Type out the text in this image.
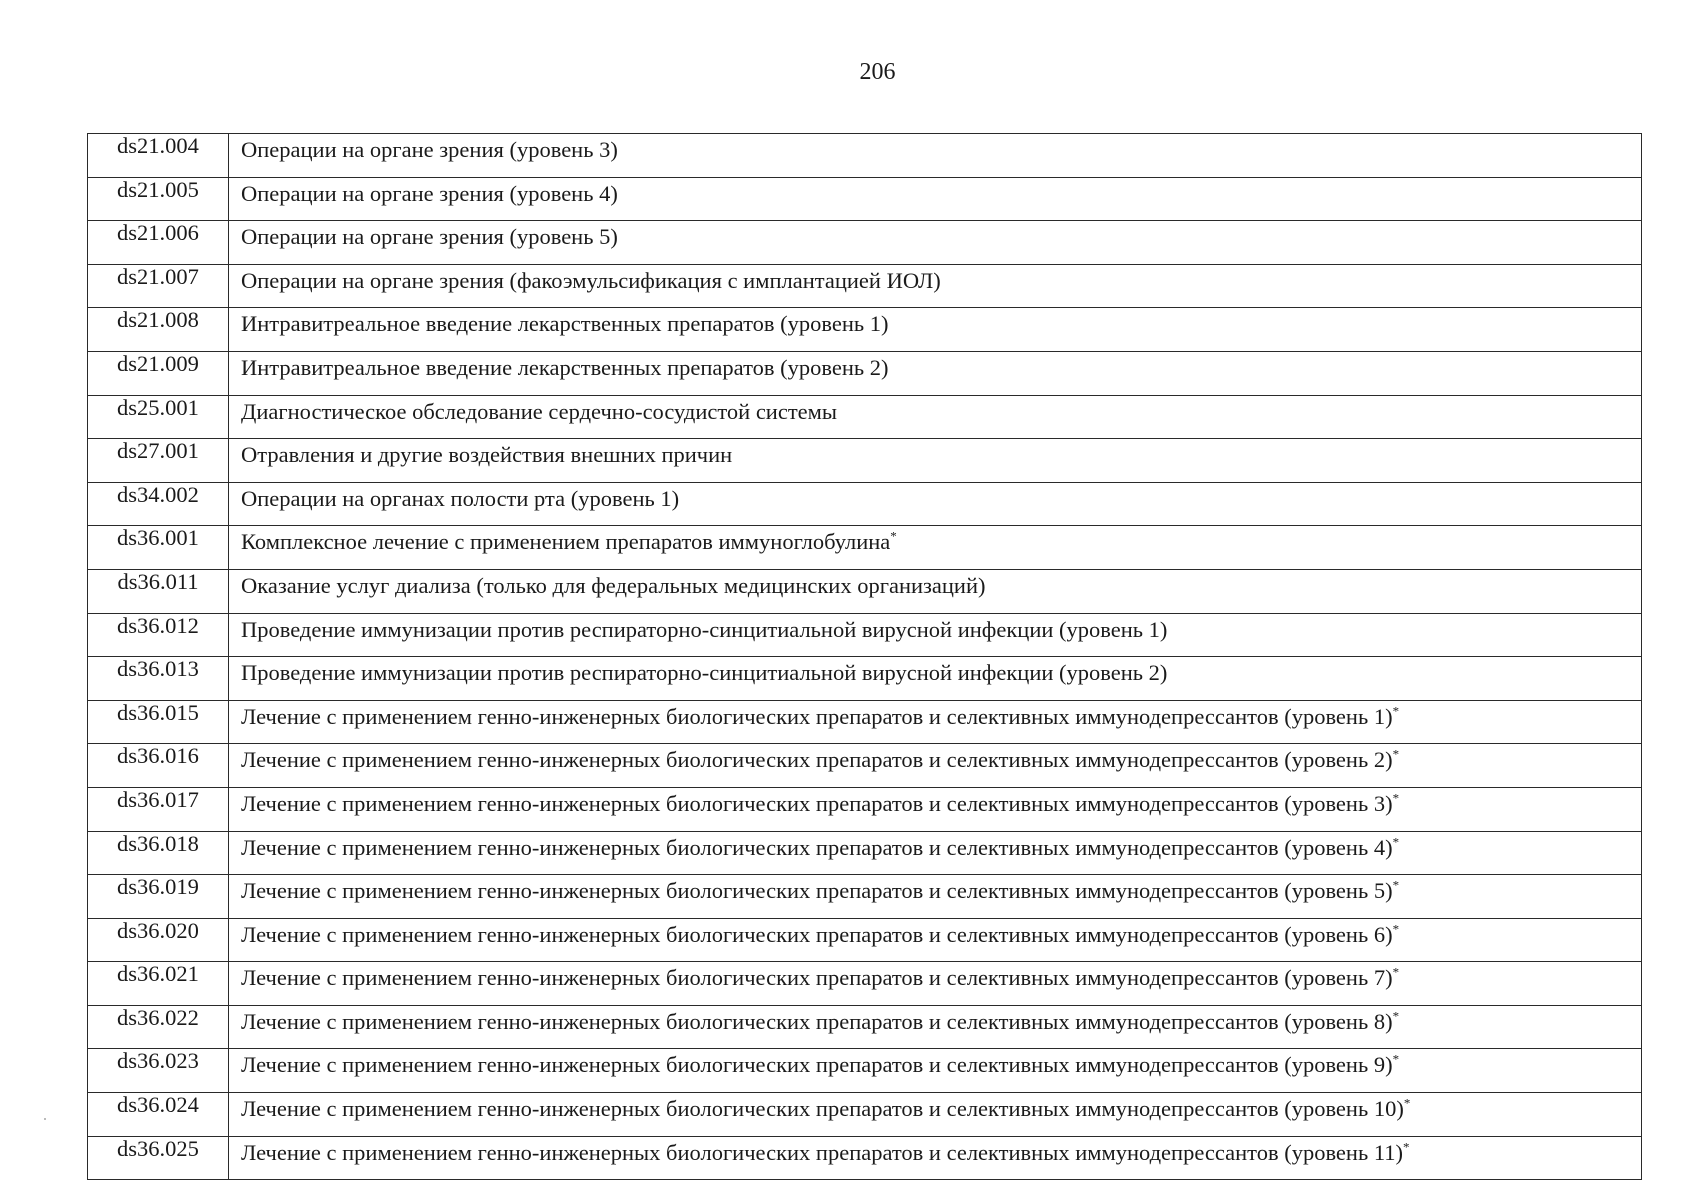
206
ds21.004	Операции на органе зрения (уровень 3)
ds21.005	Операции на органе зрения (уровень 4)
ds21.006	Операции на органе зрения (уровень 5)
ds21.007	Операции на органе зрения (факоэмульсификация с имплантацией ИОЛ)
ds21.008	Интравитреальное введение лекарственных препаратов (уровень 1)
ds21.009	Интравитреальное введение лекарственных препаратов (уровень 2)
ds25.001	Диагностическое обследование сердечно-сосудистой системы
ds27.001	Отравления и другие воздействия внешних причин
ds34.002	Операции на органах полости рта (уровень 1)
ds36.001	Комплексное лечение с применением препаратов иммуноглобулина*
ds36.011	Оказание услуг диализа (только для федеральных медицинских организаций)
ds36.012	Проведение иммунизации против респираторно-синцитиальной вирусной инфекции (уровень 1)
ds36.013	Проведение иммунизации против респираторно-синцитиальной вирусной инфекции (уровень 2)
ds36.015	Лечение с применением генно-инженерных биологических препаратов и селективных иммунодепрессантов (уровень 1)*
ds36.016	Лечение с применением генно-инженерных биологических препаратов и селективных иммунодепрессантов (уровень 2)*
ds36.017	Лечение с применением генно-инженерных биологических препаратов и селективных иммунодепрессантов (уровень 3)*
ds36.018	Лечение с применением генно-инженерных биологических препаратов и селективных иммунодепрессантов (уровень 4)*
ds36.019	Лечение с применением генно-инженерных биологических препаратов и селективных иммунодепрессантов (уровень 5)*
ds36.020	Лечение с применением генно-инженерных биологических препаратов и селективных иммунодепрессантов (уровень 6)*
ds36.021	Лечение с применением генно-инженерных биологических препаратов и селективных иммунодепрессантов (уровень 7)*
ds36.022	Лечение с применением генно-инженерных биологических препаратов и селективных иммунодепрессантов (уровень 8)*
ds36.023	Лечение с применением генно-инженерных биологических препаратов и селективных иммунодепрессантов (уровень 9)*
ds36.024	Лечение с применением генно-инженерных биологических препаратов и селективных иммунодепрессантов (уровень 10)*
ds36.025	Лечение с применением генно-инженерных биологических препаратов и селективных иммунодепрессантов (уровень 11)*
